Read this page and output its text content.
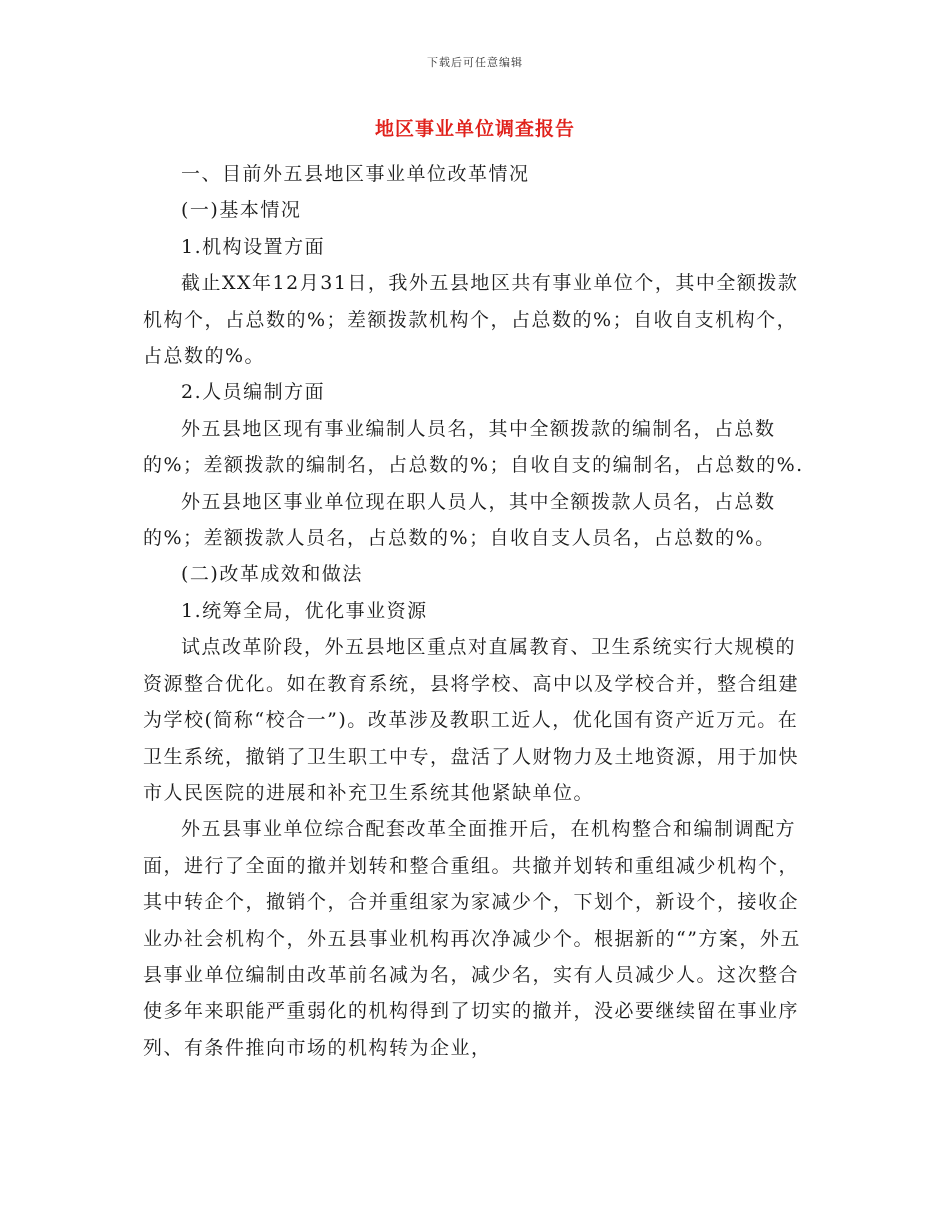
下载后可任意编辑
地区事业单位调查报告

一、目前外五县地区事业单位改革情况

(一)基本情况

1.机构设置方面

截止XX年12月31日，我外五县地区共有事业单位个，其中全额拨款机构个，占总数的%；差额拨款机构个，占总数的%；自收自支机构个，占总数的%。

2.人员编制方面

外五县地区现有事业编制人员名，其中全额拨款的编制名，占总数的%；差额拨款的编制名，占总数的%；自收自支的编制名，占总数的%.

外五县地区事业单位现在职人员人，其中全额拨款人员名，占总数的%；差额拨款人员名，占总数的%；自收自支人员名，占总数的%。

(二)改革成效和做法

1.统筹全局，优化事业资源

试点改革阶段，外五县地区重点对直属教育、卫生系统实行大规模的资源整合优化。如在教育系统，县将学校、高中以及学校合并，整合组建为学校(简称“校合一”)。改革涉及教职工近人，优化国有资产近万元。在卫生系统，撤销了卫生职工中专，盘活了人财物力及土地资源，用于加快市人民医院的进展和补充卫生系统其他紧缺单位。

外五县事业单位综合配套改革全面推开后，在机构整合和编制调配方面，进行了全面的撤并划转和整合重组。共撤并划转和重组减少机构个，其中转企个，撤销个，合并重组家为家减少个，下划个，新设个，接收企业办社会机构个，外五县事业机构再次净减少个。根据新的“”方案，外五县事业单位编制由改革前名减为名，减少名，实有人员减少人。这次整合使多年来职能严重弱化的机构得到了切实的撤并，没必要继续留在事业序列、有条件推向市场的机构转为企业，
